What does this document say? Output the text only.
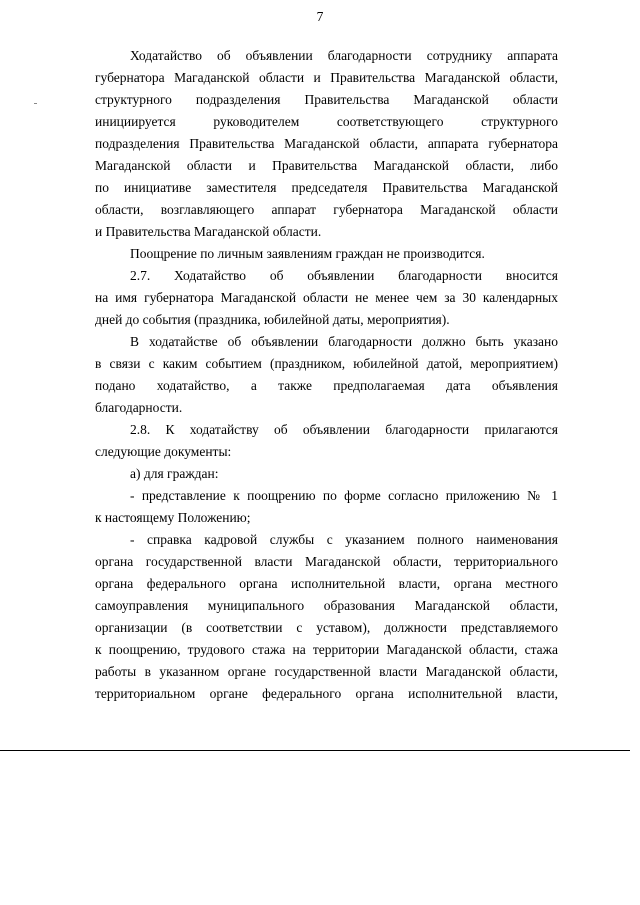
7
Ходатайство об объявлении благодарности сотруднику аппарата
губернатора Магаданской области и Правительства Магаданской области,
структурного подразделения Правительства Магаданской области
инициируется руководителем соответствующего структурного
подразделения Правительства Магаданской области, аппарата губернатора
Магаданской области и Правительства Магаданской области, либо
по инициативе заместителя председателя Правительства Магаданской
области, возглавляющего аппарат губернатора Магаданской области
и Правительства Магаданской области.
Поощрение по личным заявлениям граждан не производится.
2.7. Ходатайство об объявлении благодарности вносится
на имя губернатора Магаданской области не менее чем за 30 календарных
дней до события (праздника, юбилейной даты, мероприятия).
В ходатайстве об объявлении благодарности должно быть указано
в связи с каким событием (праздником, юбилейной датой, мероприятием)
подано ходатайство, а также предполагаемая дата объявления
благодарности.
2.8. К ходатайству об объявлении благодарности прилагаются
следующие документы:
а) для граждан:
- представление к поощрению по форме согласно приложению № 1
к настоящему Положению;
- справка кадровой службы с указанием полного наименования
органа государственной власти Магаданской области, территориального
органа федерального органа исполнительной власти, органа местного
самоуправления муниципального образования Магаданской области,
организации (в соответствии с уставом), должности представляемого
к поощрению, трудового стажа на территории Магаданской области, стажа
работы в указанном органе государственной власти Магаданской области,
территориальном органе федерального органа исполнительной власти,
